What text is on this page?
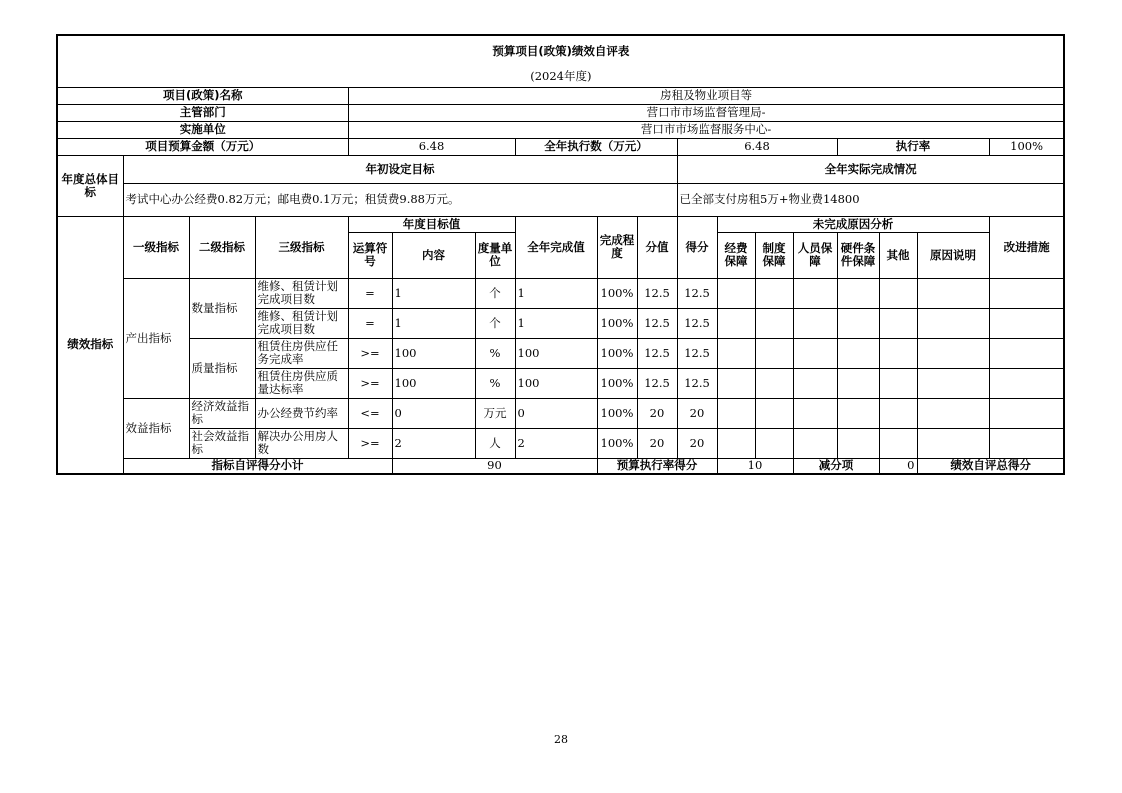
预算项目(政策)绩效自评表																		
(2024年度)																		
项目(政策)名称				房租及物业项目等														
主管部门				营口市市场监督管理局-														
实施单位				营口市市场监督服务中心-														
项目预算金额（万元）				6.48			全年执行数（万元）			6.48				执行率			100%	
年度总体目标	年初设定目标									全年实际完成情况								
	考试中心办公经费0.82万元；邮电费0.1万元；租赁费9.88万元。									已全部支付房租5万+物业费14800								
绩效指标	一级指标	二级指标	三级指标	年度目标值			全年完成值	完成程度	分值	得分	未完成原因分析						改进措施	
				运算符号	内容	度量单位					经费保障	制度保障	人员保障	硬件条件保障	其他	原因说明		
	产出指标	数量指标	维修、租赁计划完成项目数	=	1	个	1	100%	12.5	12.5								
			维修、租赁计划完成项目数	=	1	个	1	100%	12.5	12.5								
		质量指标	租赁住房供应任务完成率	>=	100	%	100	100%	12.5	12.5								
			租赁住房供应质量达标率	>=	100	%	100	100%	12.5	12.5								
	效益指标	经济效益指标	办公经费节约率	<=	0	万元	0	100%	20	20								
		社会效益指标	解决办公用房人数	>=	2	人	2	100%	20	20								
	指标自评得分小计				90			预算执行率得分			10		减分项		0	绩效自评总得分	
28
